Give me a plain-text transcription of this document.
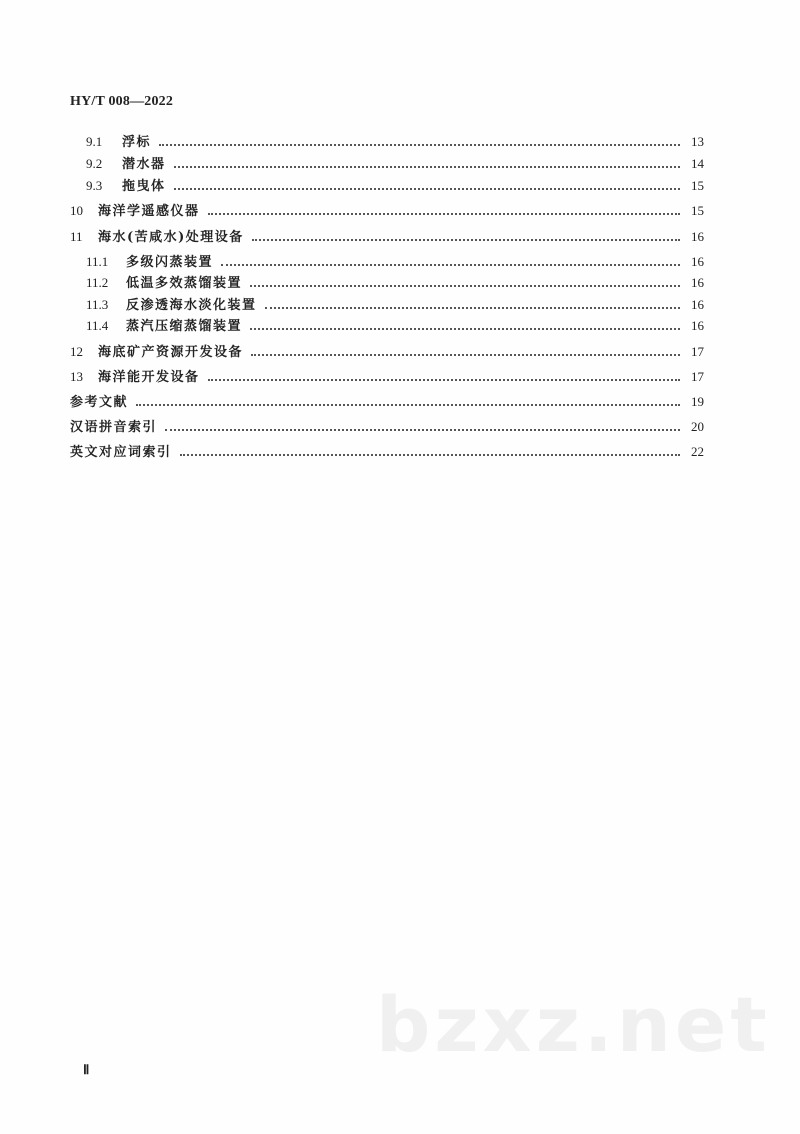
HY/T 008—2022
9.1	浮标	13
9.2	潜水器	14
9.3	拖曳体	15
10	海洋学遥感仪器	15
11	海水(苦咸水)处理设备	16
11.1	多级闪蒸装置	16
11.2	低温多效蒸馏装置	16
11.3	反渗透海水淡化装置	16
11.4	蒸汽压缩蒸馏装置	16
12	海底矿产资源开发设备	17
13	海洋能开发设备	17
参考文献	19
汉语拼音索引	20
英文对应词索引	22
bzxz.net
Ⅱ
